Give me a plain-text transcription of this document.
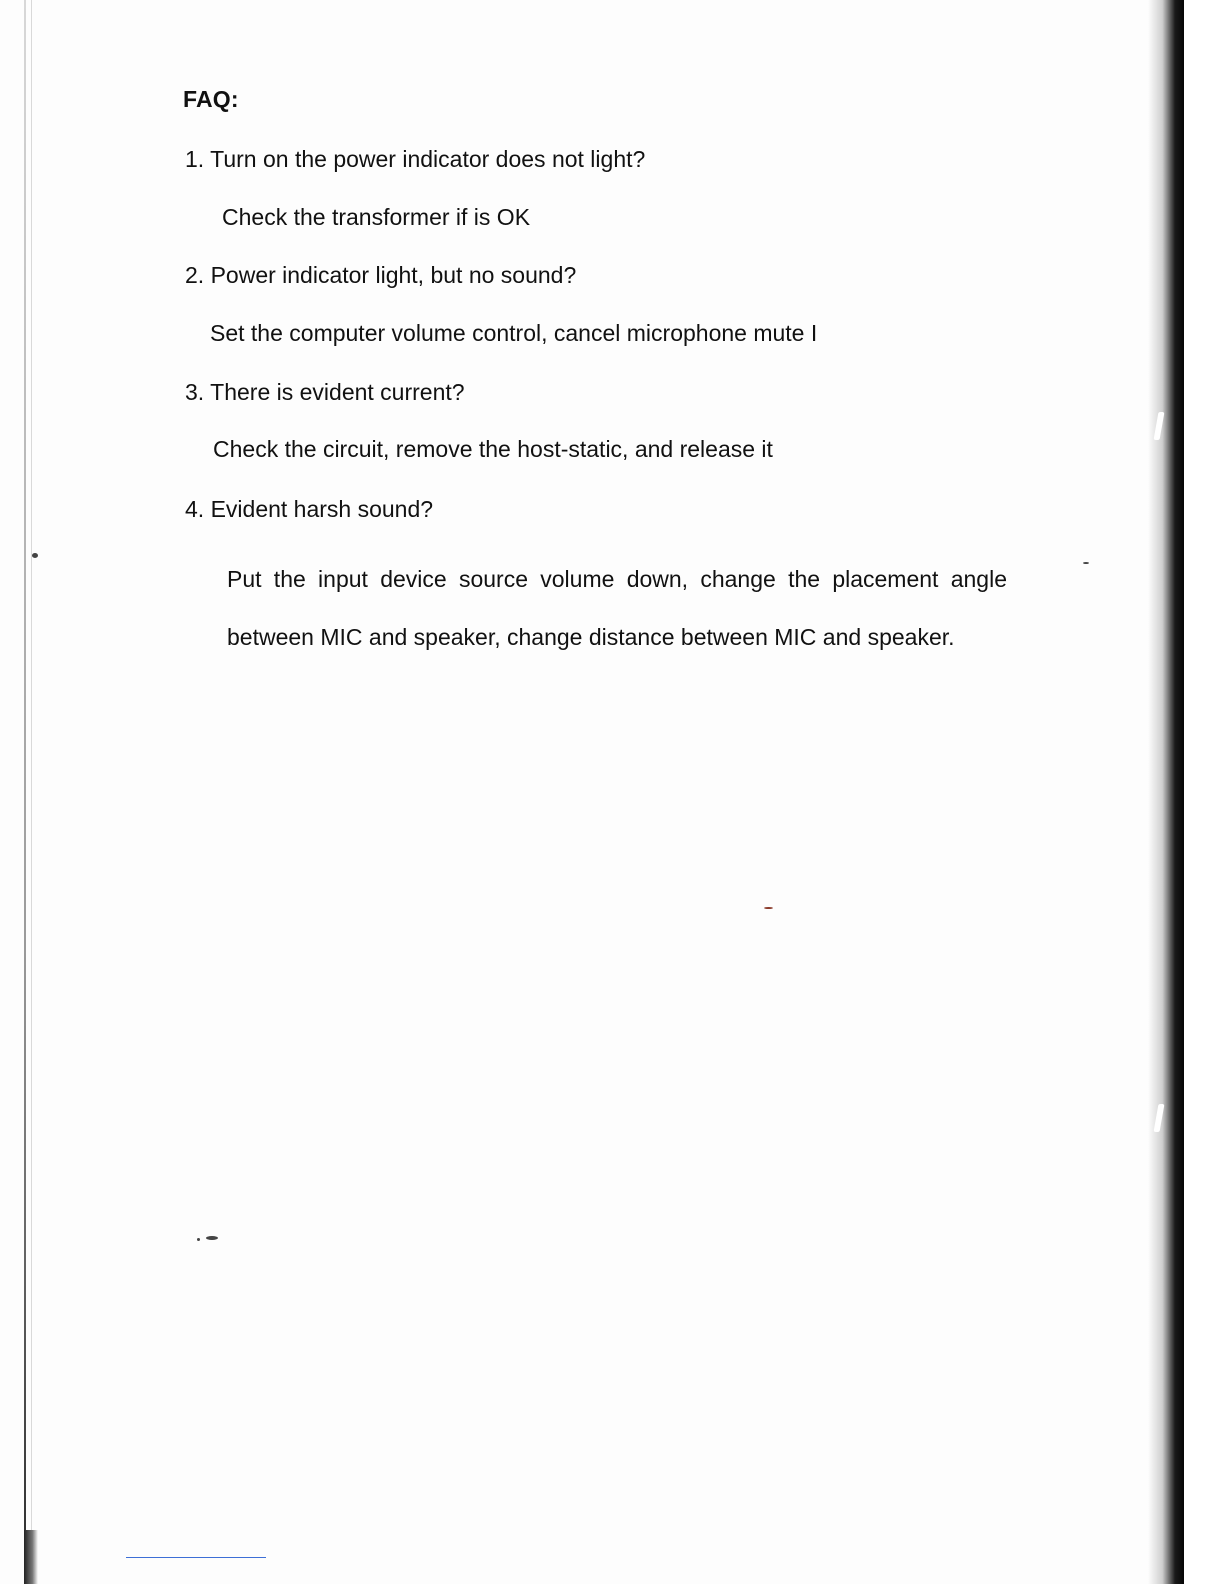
FAQ:
1. Turn on the power indicator does not light?
Check the transformer if is OK
2. Power indicator light, but no sound?
Set the computer volume control, cancel microphone mute I
3. There is evident current?
Check the circuit, remove the host-static, and release it
4. Evident harsh sound?
Put the input device source volume down, change the placement angle between MIC and speaker, change distance between MIC and speaker.
